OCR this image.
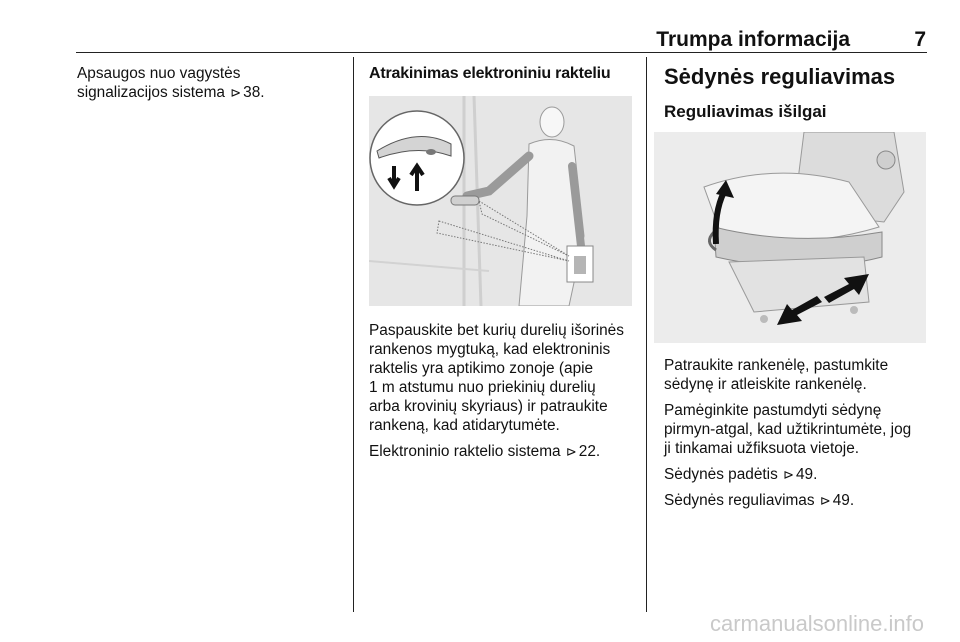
Trumpa informacija	7

Apsaugos nuo vagystės
signalizacijos sistema ⊳ 38.

Atrakinimas elektroniniu rakteliu

Paspauskite bet kurių durelių išorinės
rankenos mygtuką, kad elektroninis
raktelis yra aptikimo zonoje (apie
1 m atstumu nuo priekinių durelių
arba krovinių skyriaus) ir patraukite
rankeną, kad atidarytumėte.

Elektroninio raktelio sistema ⊳ 22.

Sėdynės reguliavimas
Reguliavimas išilgai

Patraukite rankenėlę, pastumkite
sėdynę ir atleiskite rankenėlę.

Pamėginkite pastumdyti sėdynę
pirmyn-atgal, kad užtikrintumėte, jog
ji tinkamai užfiksuota vietoje.

Sėdynės padėtis ⊳ 49.

Sėdynės reguliavimas ⊳ 49.

carmanualsonline.info
